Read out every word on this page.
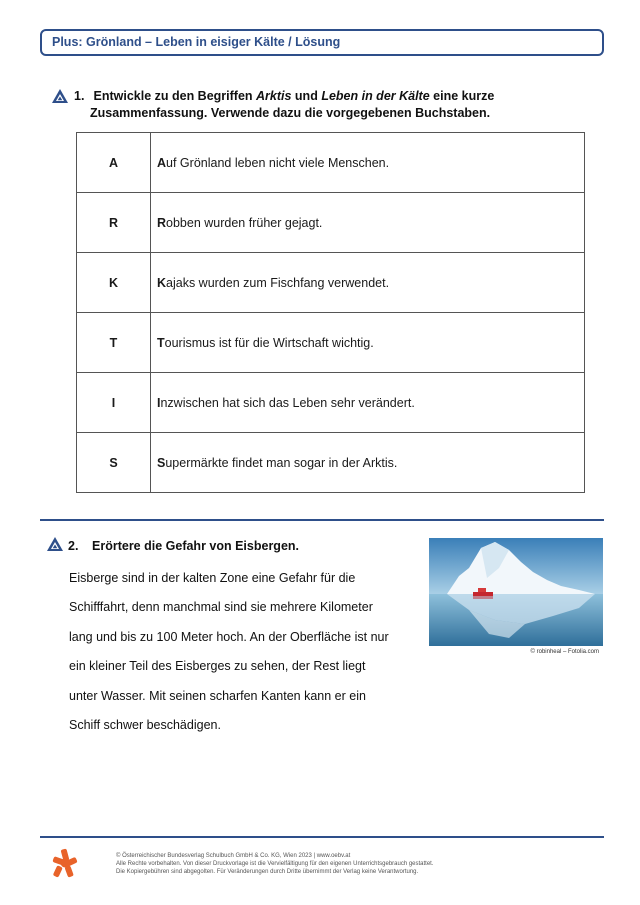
Plus: Grönland – Leben in eisiger Kälte / Lösung
1. Entwickle zu den Begriffen Arktis und Leben in der Kälte eine kurze
Zusammenfassung. Verwende dazu die vorgegebenen Buchstaben.
A	Auf Grönland leben nicht viele Menschen.
R	Robben wurden früher gejagt.
K	Kajaks wurden zum Fischfang verwendet.
T	Tourismus ist für die Wirtschaft wichtig.
I	Inzwischen hat sich das Leben sehr verändert.
S	Supermärkte findet man sogar in der Arktis.
2. Erörtere die Gefahr von Eisbergen.
Eisberge sind in der kalten Zone eine Gefahr für die
Schifffahrt, denn manchmal sind sie mehrere Kilometer
lang und bis zu 100 Meter hoch. An der Oberfläche ist nur
ein kleiner Teil des Eisberges zu sehen, der Rest liegt
unter Wasser. Mit seinen scharfen Kanten kann er ein
Schiff schwer beschädigen.
© robinheal – Fotolia.com
© Österreichischer Bundesverlag Schulbuch GmbH & Co. KG, Wien 2023 | www.oebv.at
Alle Rechte vorbehalten. Von dieser Druckvorlage ist die Vervielfältigung für den eigenen Unterrichtsgebrauch gestattet.
Die Kopiergebühren sind abgegolten. Für Veränderungen durch Dritte übernimmt der Verlag keine Verantwortung.
